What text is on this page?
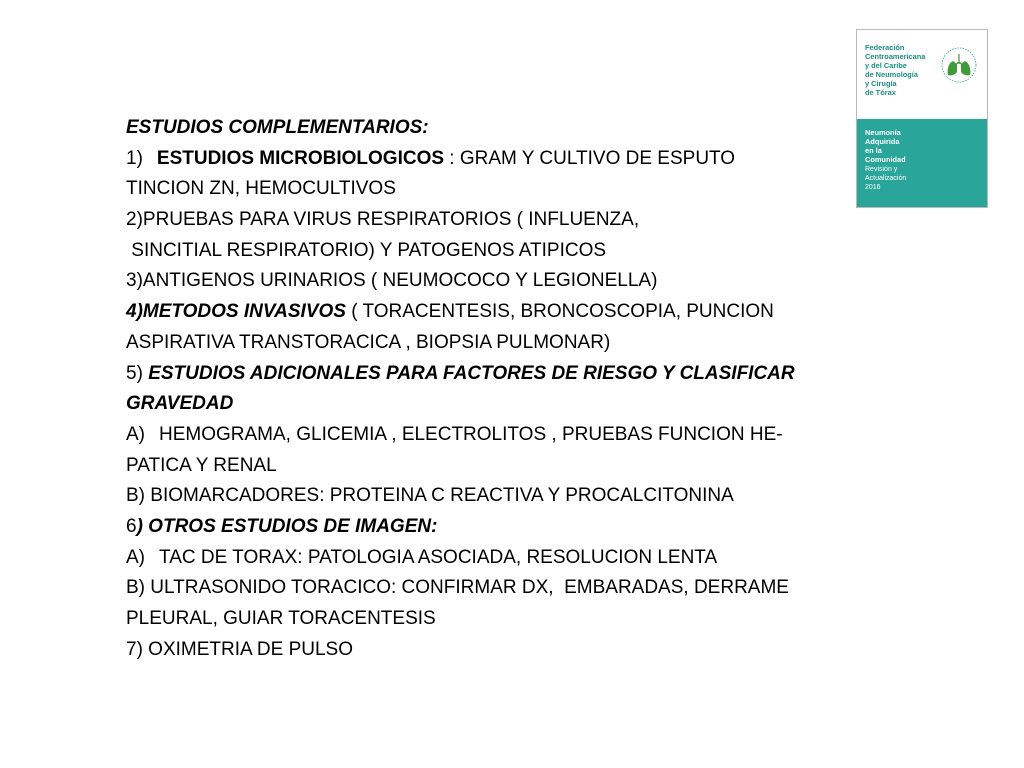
ESTUDIOS COMPLEMENTARIOS:
1) ESTUDIOS MICROBIOLOGICOS : GRAM Y CULTIVO DE ESPUTO
TINCION ZN, HEMOCULTIVOS
2)PRUEBAS PARA VIRUS RESPIRATORIOS ( INFLUENZA,
SINCITIAL RESPIRATORIO) Y PATOGENOS ATIPICOS
3)ANTIGENOS URINARIOS ( NEUMOCOCO Y LEGIONELLA)
4)METODOS INVASIVOS ( TORACENTESIS, BRONCOSCOPIA, PUNCION
ASPIRATIVA TRANSTORACICA , BIOPSIA PULMONAR)
5) ESTUDIOS ADICIONALES PARA FACTORES DE RIESGO Y CLASIFICAR
GRAVEDAD
A) HEMOGRAMA, GLICEMIA , ELECTROLITOS , PRUEBAS FUNCION HE-
PATICA Y RENAL
B) BIOMARCADORES: PROTEINA C REACTIVA Y PROCALCITONINA
6) OTROS ESTUDIOS DE IMAGEN:
A) TAC DE TORAX: PATOLOGIA ASOCIADA, RESOLUCION LENTA
B) ULTRASONIDO TORACICO: CONFIRMAR DX,  EMBARADAS, DERRAME
PLEURAL, GUIAR TORACENTESIS
7) OXIMETRIA DE PULSO
Federación
Centroamericana
y del Caribe
de Neumología
y Cirugía
de Tórax
Neumonía
Adquirida
en la
Comunidad
Revisión y
Actualización
2016
